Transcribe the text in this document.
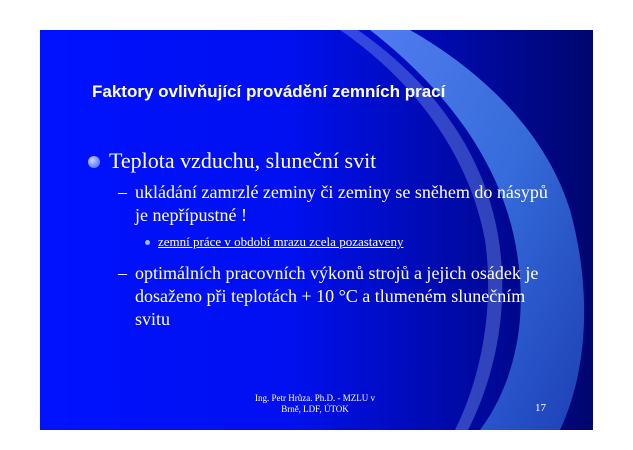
Faktory ovlivňující provádění zemních prací
Teplota vzduchu, sluneční svit
– ukládání zamrzlé zeminy či zeminy se sněhem do násypů je nepřípustné !
zemní práce v období mrazu zcela pozastaveny
– optimálních pracovních výkonů strojů a jejich osádek je dosaženo při teplotách + 10 °C a tlumeném slunečním svitu
Ing. Petr Hrůza. Ph.D. - MZLU v
Brně, LDF, ÚTOK	17
